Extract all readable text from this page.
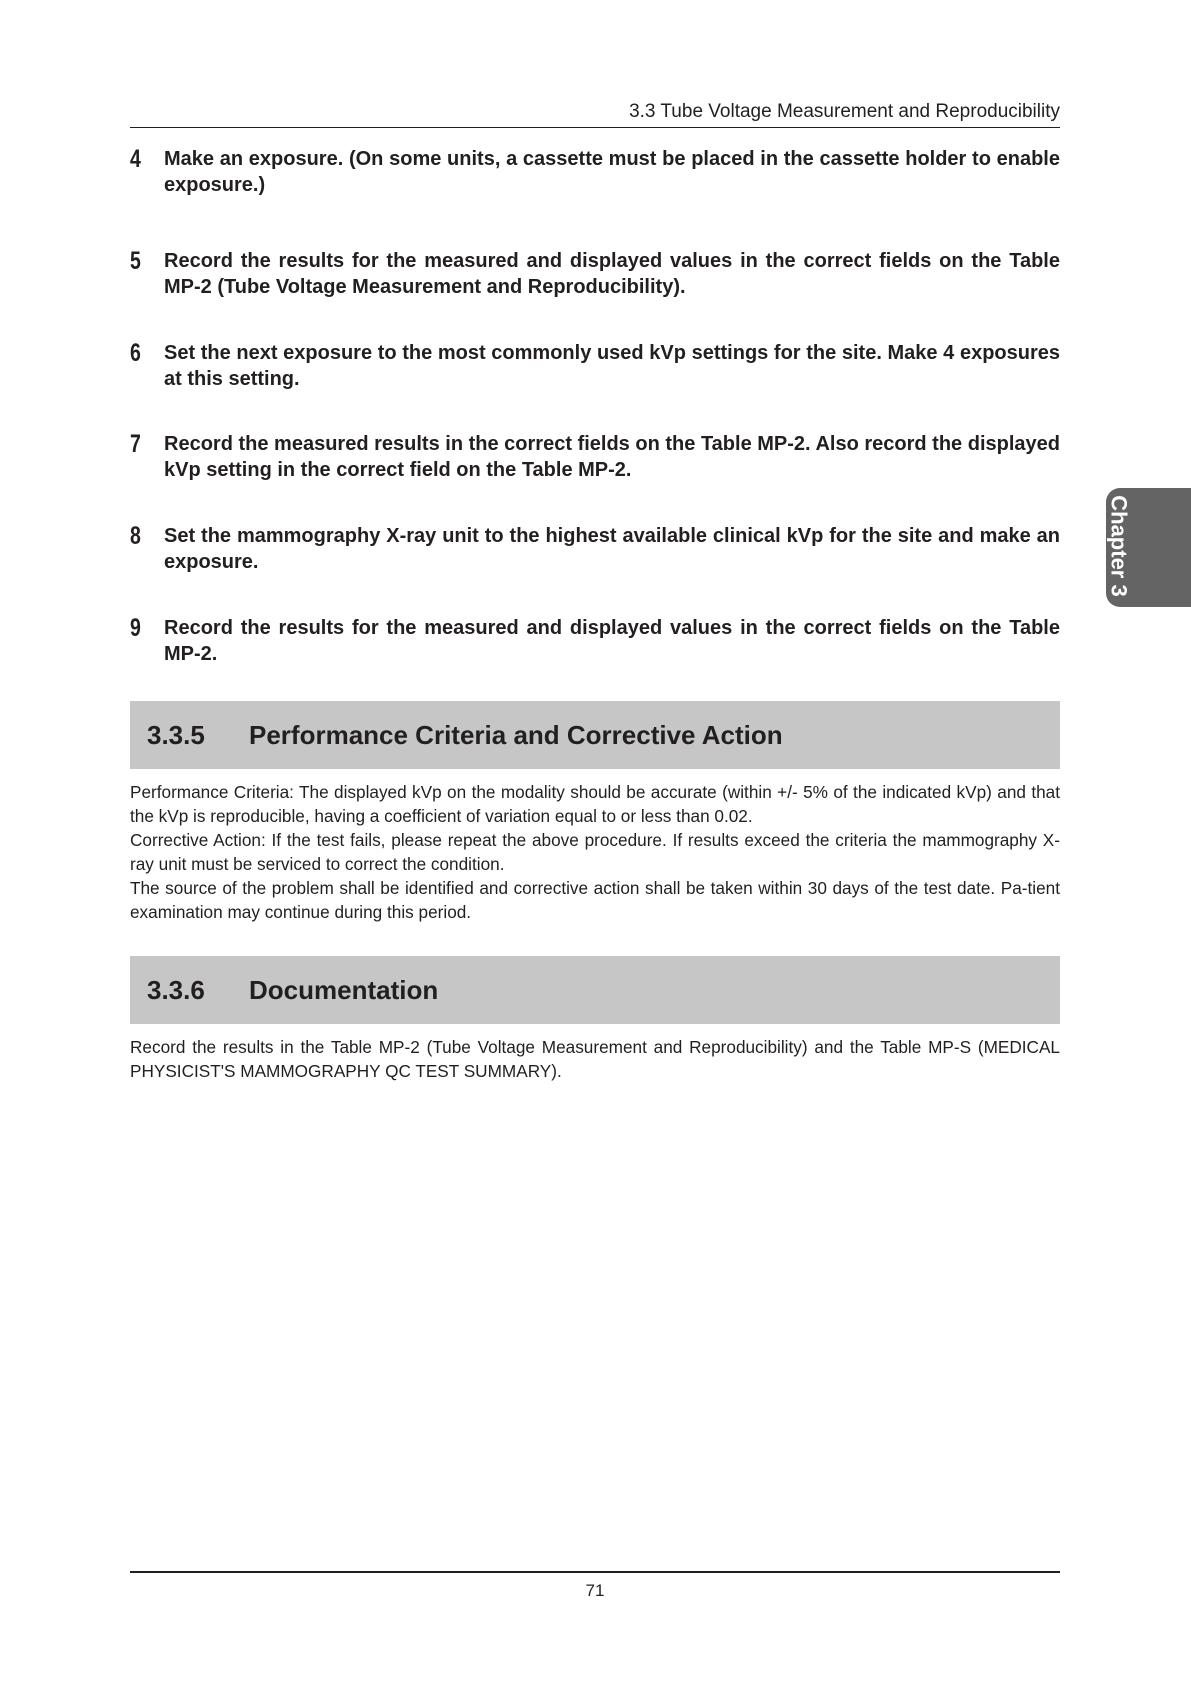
3.3 Tube Voltage Measurement and Reproducibility
4 Make an exposure. (On some units, a cassette must be placed in the cassette holder to enable exposure.)
5 Record the results for the measured and displayed values in the correct fields on the Table MP-2 (Tube Voltage Measurement and Reproducibility).
6 Set the next exposure to the most commonly used kVp settings for the site. Make 4 exposures at this setting.
7 Record the measured results in the correct fields on the Table MP-2. Also record the displayed kVp setting in the correct field on the Table MP-2.
8 Set the mammography X-ray unit to the highest available clinical kVp for the site and make an exposure.
9 Record the results for the measured and displayed values in the correct fields on the Table MP-2.
3.3.5 Performance Criteria and Corrective Action

Performance Criteria: The displayed kVp on the modality should be accurate (within +/- 5% of the indicated kVp) and that the kVp is reproducible, having a coefficient of variation equal to or less than 0.02.

Corrective Action: If the test fails, please repeat the above procedure. If results exceed the criteria the mammography X-ray unit must be serviced to correct the condition.

The source of the problem shall be identified and corrective action shall be taken within 30 days of the test date. Pa-tient examination may continue during this period.

3.3.6 Documentation

Record the results in the Table MP-2 (Tube Voltage Measurement and Reproducibility) and the Table MP-S (MEDICAL PHYSICIST'S MAMMOGRAPHY QC TEST SUMMARY).

Chapter 3
71
